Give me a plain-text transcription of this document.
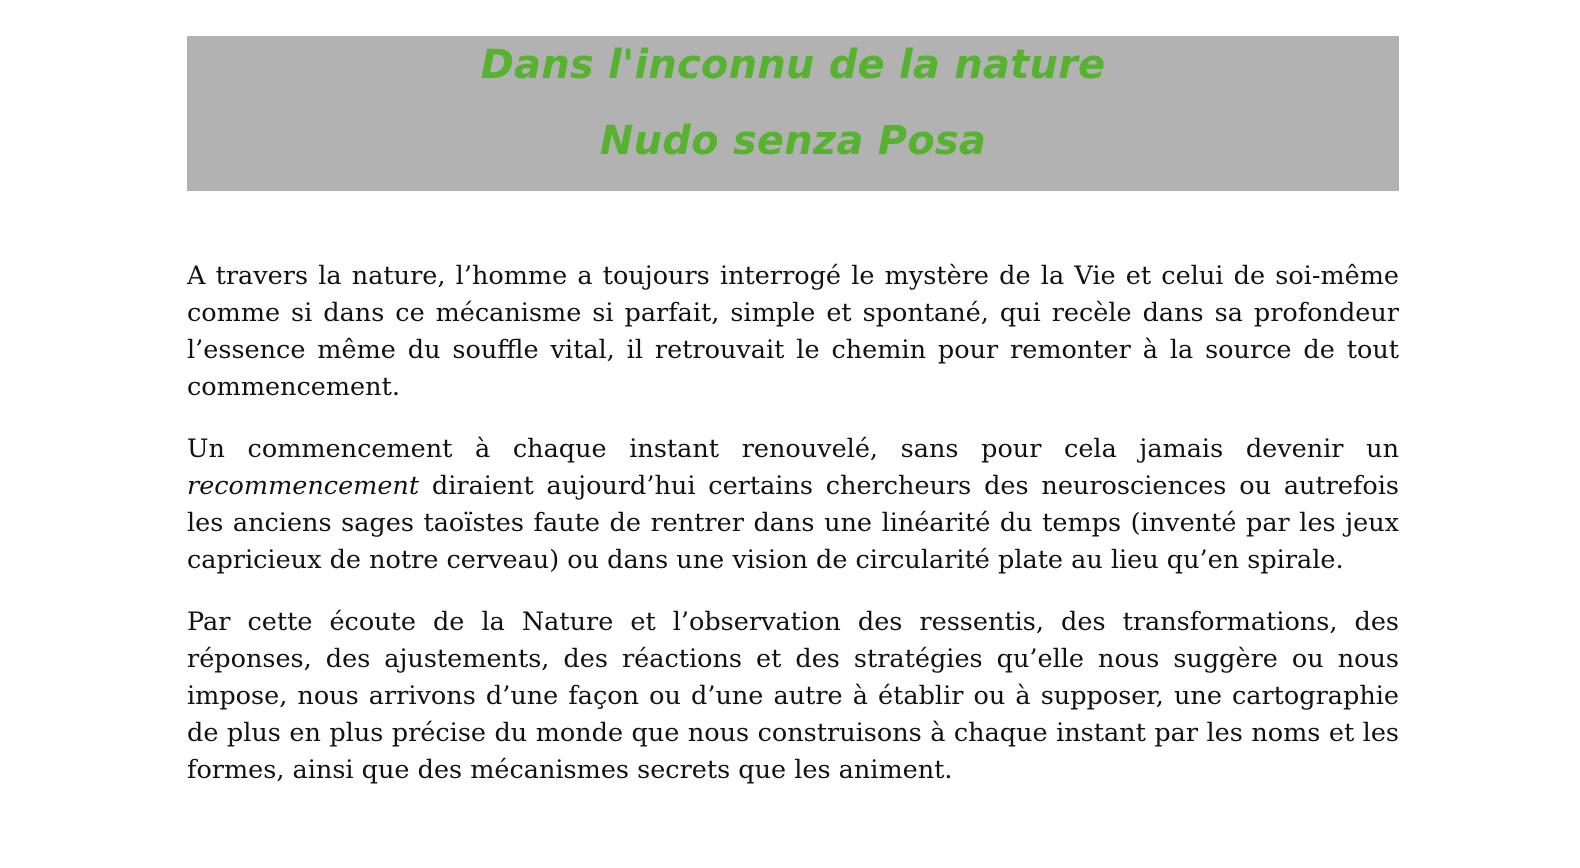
Dans l'inconnu de la nature
Nudo senza Posa

A travers la nature, l’homme a toujours interrogé le mystère de la Vie et celui de soi-même comme si dans ce mécanisme si parfait, simple et spontané, qui recèle dans sa profondeur l’essence même du souffle vital, il retrouvait le chemin pour remonter à la source de tout commencement.

Un commencement à chaque instant renouvelé, sans pour cela jamais devenir un recommencement diraient aujourd’hui certains chercheurs des neurosciences ou autrefois les anciens sages taoïstes faute de rentrer dans une linéarité du temps (inventé par les jeux capricieux de notre cerveau) ou dans une vision de circularité plate au lieu qu’en spirale.

Par cette écoute de la Nature et l’observation des ressentis, des transformations, des réponses, des ajustements, des réactions et des stratégies qu’elle nous suggère ou nous impose, nous arrivons d’une façon ou d’une autre à établir ou à supposer, une cartographie de plus en plus précise du monde que nous construisons à chaque instant par les noms et les formes, ainsi que des mécanismes secrets que les animent.
